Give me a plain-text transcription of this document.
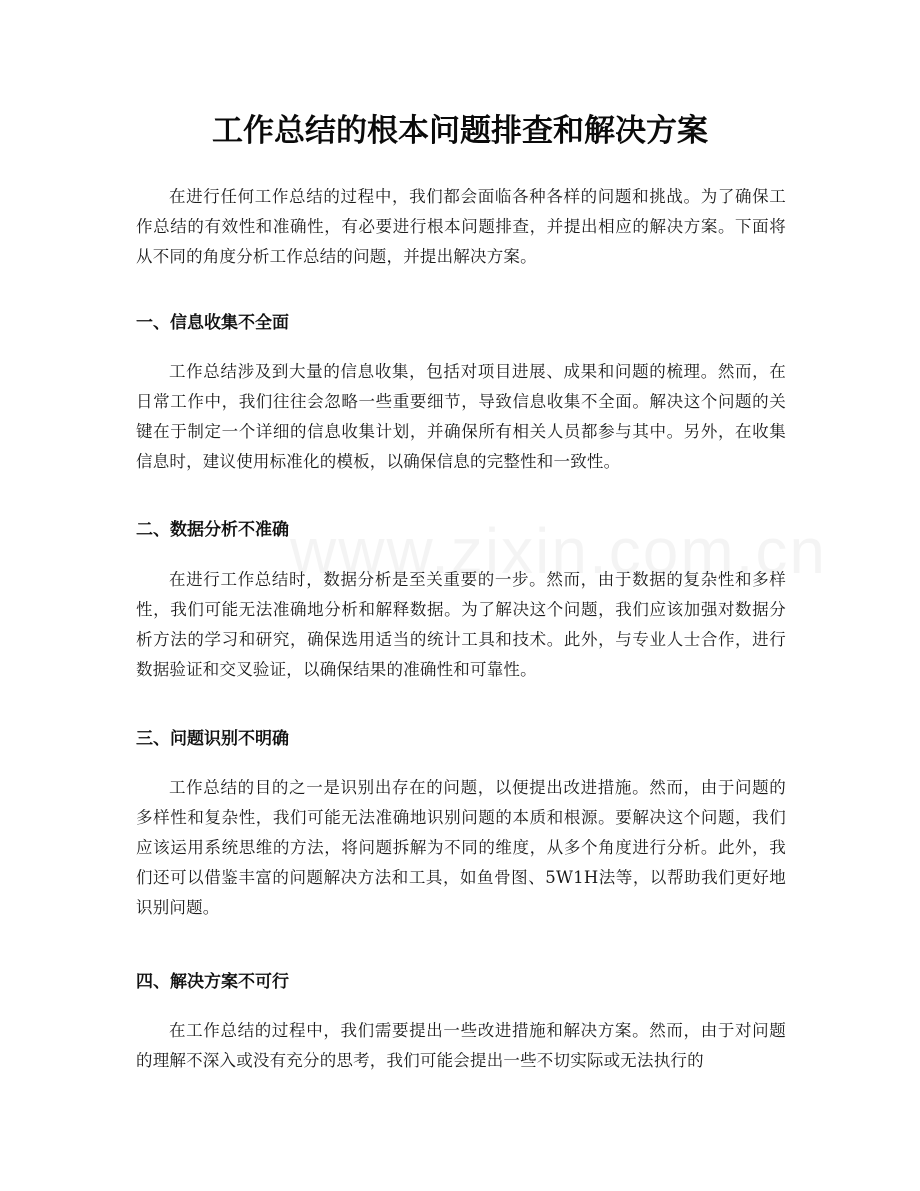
工作总结的根本问题排查和解决方案

在进行任何工作总结的过程中，我们都会面临各种各样的问题和挑战。为了确保工作总结的有效性和准确性，有必要进行根本问题排查，并提出相应的解决方案。下面将从不同的角度分析工作总结的问题，并提出解决方案。

一、信息收集不全面

工作总结涉及到大量的信息收集，包括对项目进展、成果和问题的梳理。然而，在日常工作中，我们往往会忽略一些重要细节，导致信息收集不全面。解决这个问题的关键在于制定一个详细的信息收集计划，并确保所有相关人员都参与其中。另外，在收集信息时，建议使用标准化的模板，以确保信息的完整性和一致性。

二、数据分析不准确

在进行工作总结时，数据分析是至关重要的一步。然而，由于数据的复杂性和多样性，我们可能无法准确地分析和解释数据。为了解决这个问题，我们应该加强对数据分析方法的学习和研究，确保选用适当的统计工具和技术。此外，与专业人士合作，进行数据验证和交叉验证，以确保结果的准确性和可靠性。

三、问题识别不明确

工作总结的目的之一是识别出存在的问题，以便提出改进措施。然而，由于问题的多样性和复杂性，我们可能无法准确地识别问题的本质和根源。要解决这个问题，我们应该运用系统思维的方法，将问题拆解为不同的维度，从多个角度进行分析。此外，我们还可以借鉴丰富的问题解决方法和工具，如鱼骨图、5W1H法等，以帮助我们更好地识别问题。

四、解决方案不可行

在工作总结的过程中，我们需要提出一些改进措施和解决方案。然而，由于对问题的理解不深入或没有充分的思考，我们可能会提出一些不切实际或无法执行的
